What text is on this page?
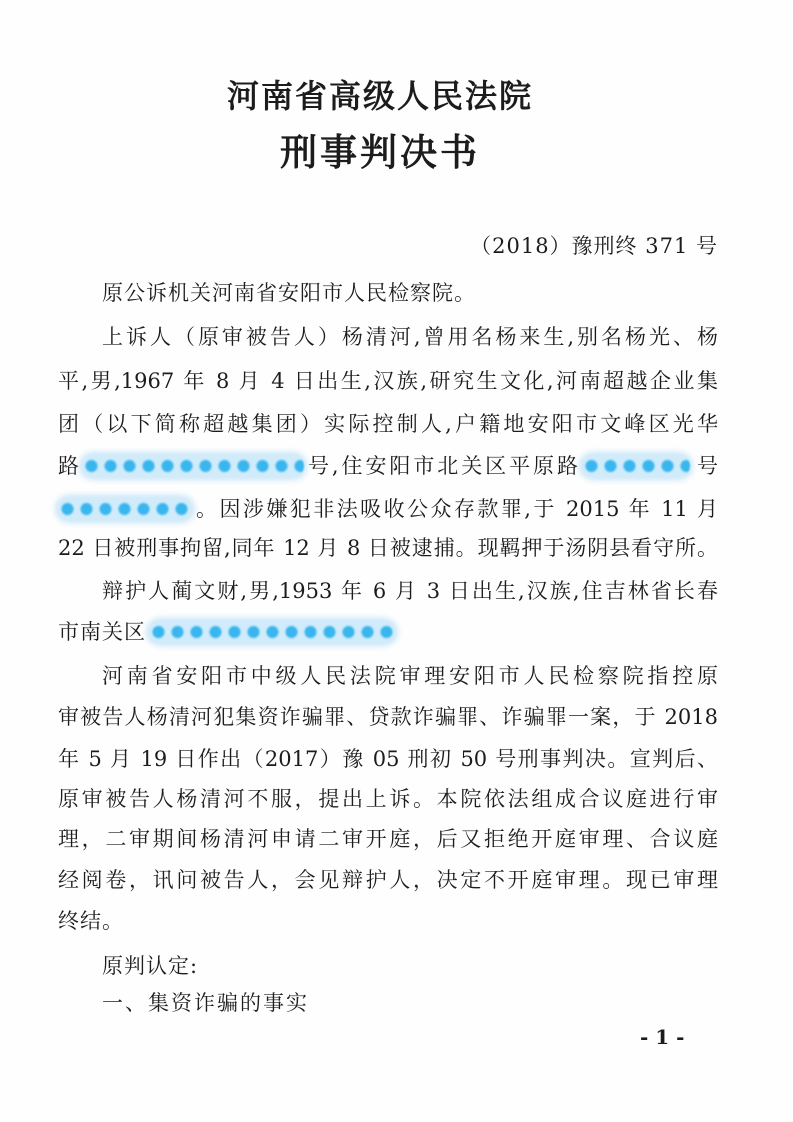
河南省高级人民法院
刑事判决书
（2018）豫刑终 371 号
原公诉机关河南省安阳市人民检察院。
上诉人（原审被告人）杨清河,曾用名杨来生,别名杨光、杨
平,男,1967 年 8 月 4 日出生,汉族,研究生文化,河南超越企业集
团（以下简称超越集团）实际控制人,户籍地安阳市文峰区光华
路	号,住安阳市北关区平原路	号
。因涉嫌犯非法吸收公众存款罪,于 2015 年 11 月
22 日被刑事拘留,同年 12 月 8 日被逮捕。现羁押于汤阴县看守所。
辩护人蔺文财,男,1953 年 6 月 3 日出生,汉族,住吉林省长春
市南关区
河南省安阳市中级人民法院审理安阳市人民检察院指控原
审被告人杨清河犯集资诈骗罪、贷款诈骗罪、诈骗罪一案，于 2018
年 5 月 19 日作出（2017）豫 05 刑初 50 号刑事判决。宣判后、
原审被告人杨清河不服，提出上诉。本院依法组成合议庭进行审
理，二审期间杨清河申请二审开庭，后又拒绝开庭审理、合议庭
经阅卷，讯问被告人，会见辩护人，决定不开庭审理。现已审理
终结。
原判认定:
一、集资诈骗的事实
- 1 -
